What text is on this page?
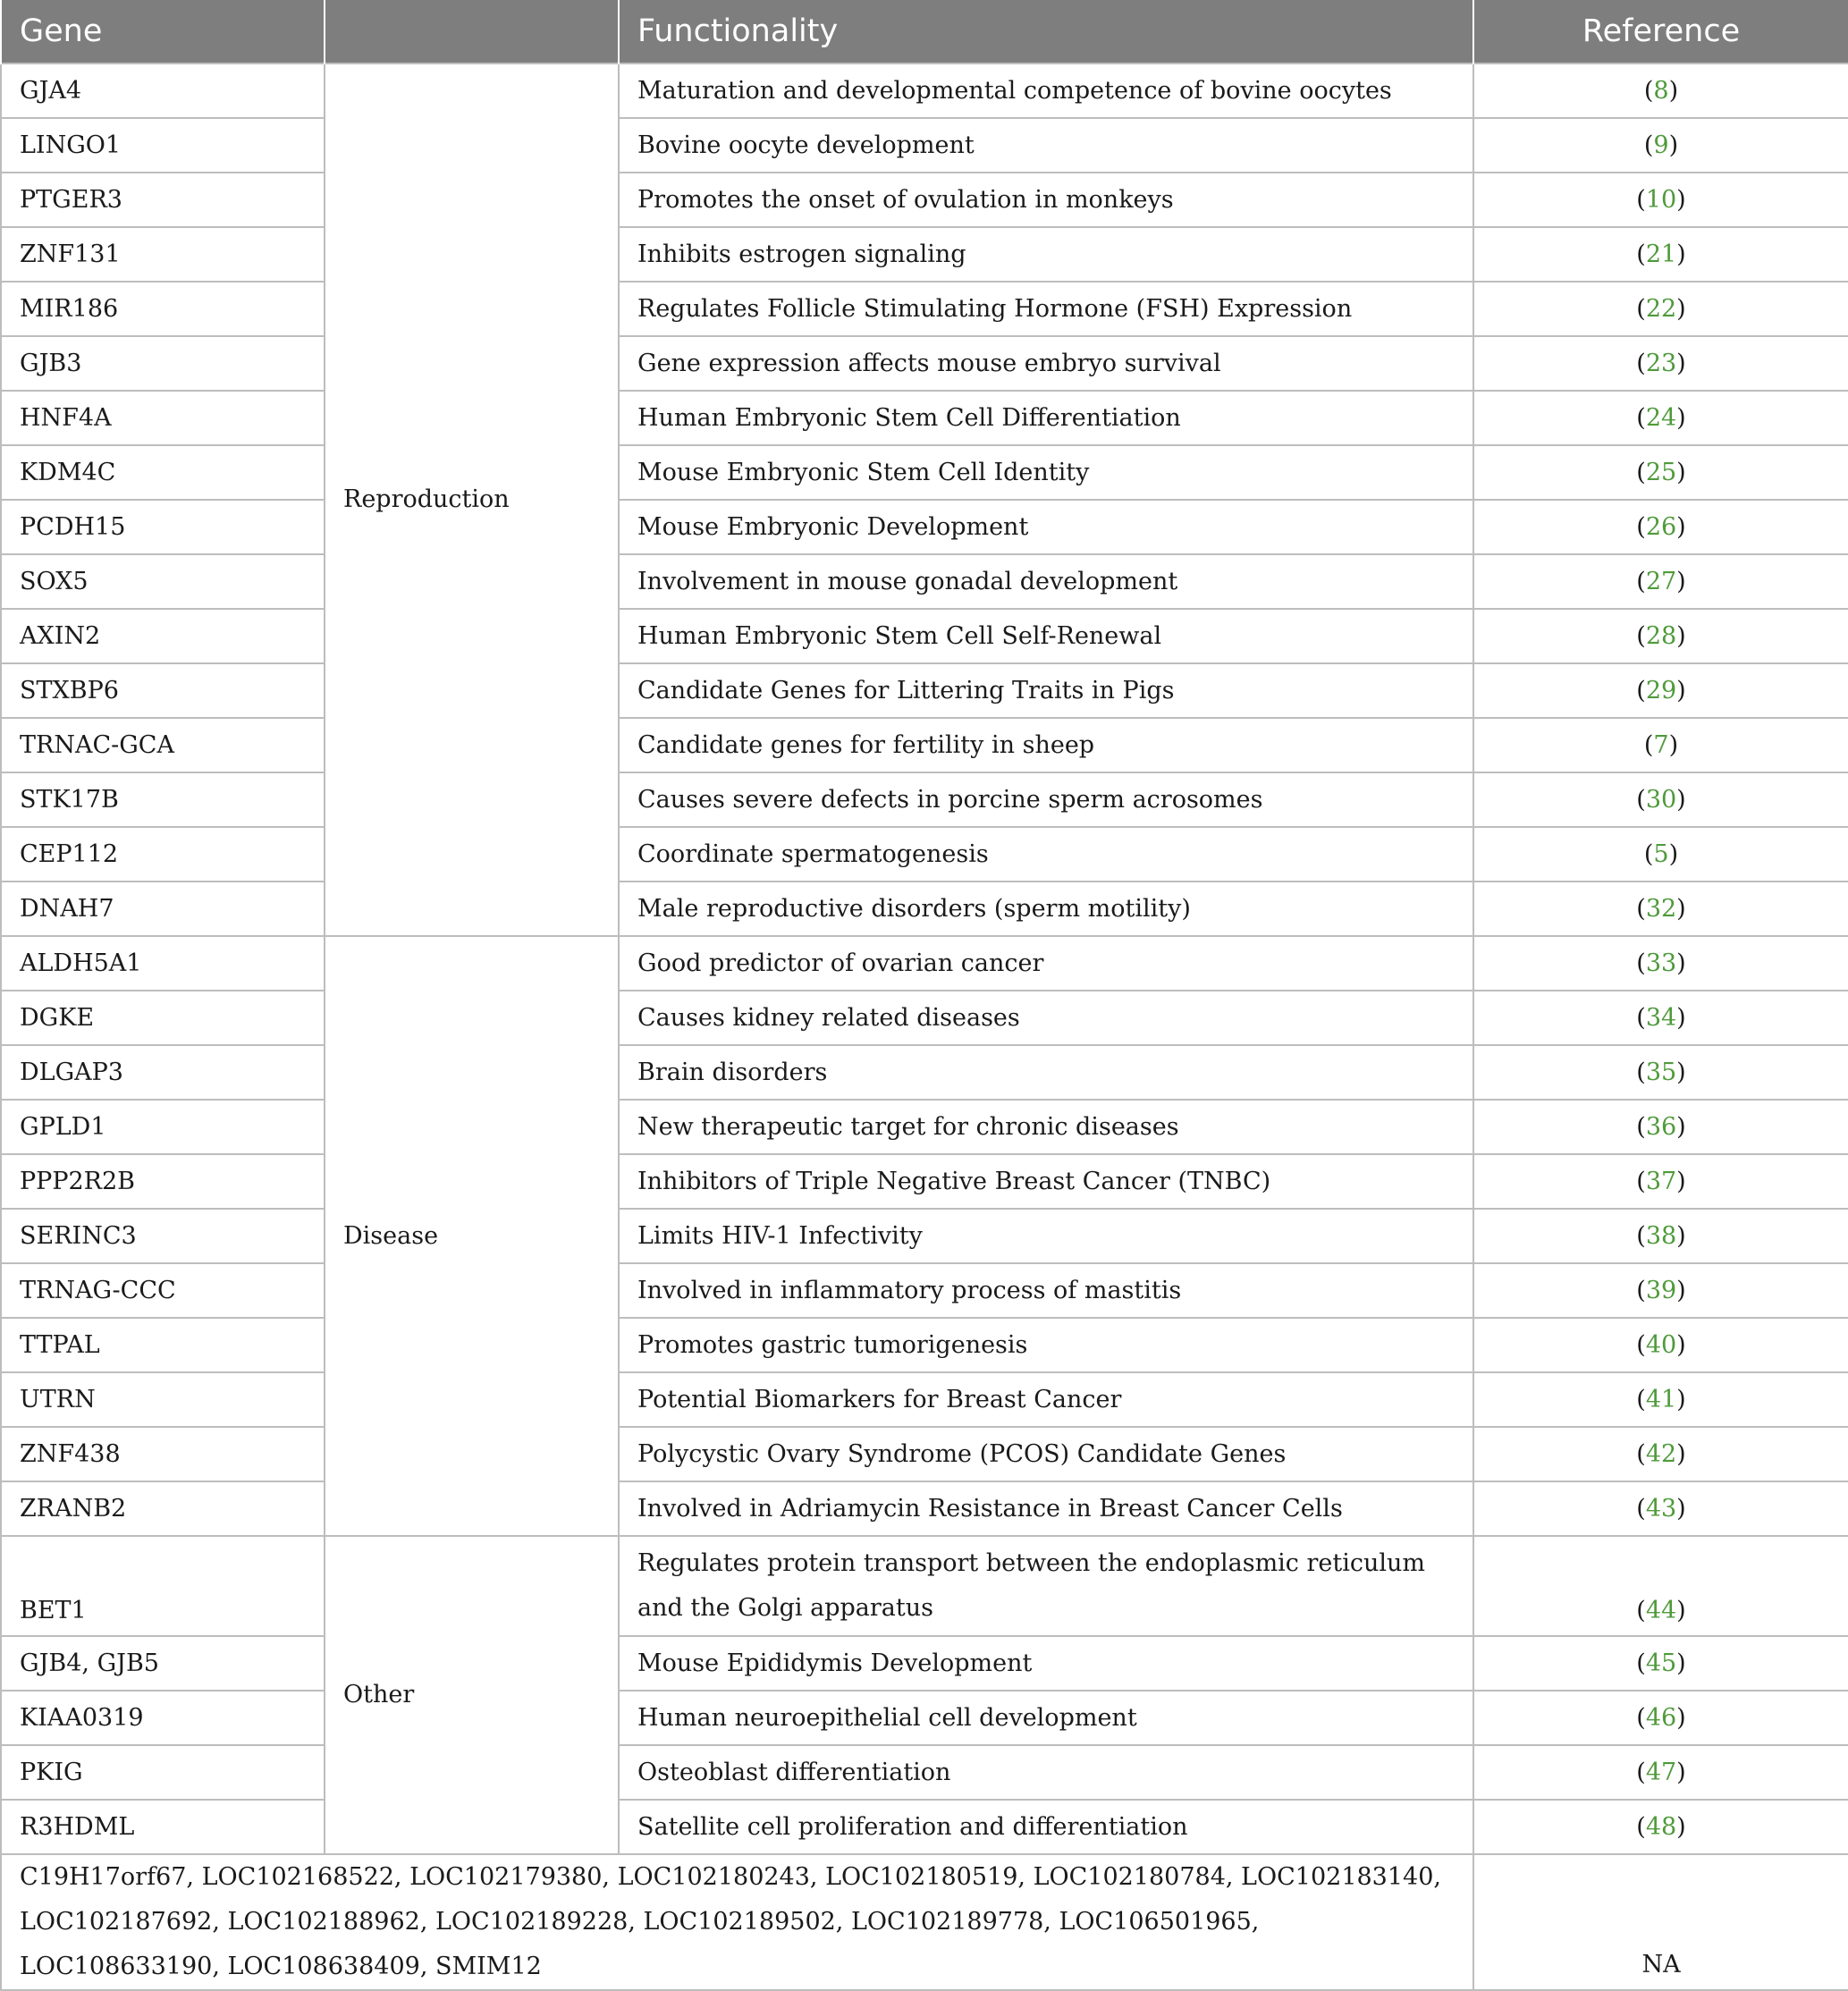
Gene		Functionality	Reference
GJA4	Reproduction	Maturation and developmental competence of bovine oocytes	(8)
LINGO1		Bovine oocyte development	(9)
PTGER3		Promotes the onset of ovulation in monkeys	(10)
ZNF131		Inhibits estrogen signaling	(21)
MIR186		Regulates Follicle Stimulating Hormone (FSH) Expression	(22)
GJB3		Gene expression affects mouse embryo survival	(23)
HNF4A		Human Embryonic Stem Cell Differentiation	(24)
KDM4C		Mouse Embryonic Stem Cell Identity	(25)
PCDH15		Mouse Embryonic Development	(26)
SOX5		Involvement in mouse gonadal development	(27)
AXIN2		Human Embryonic Stem Cell Self-Renewal	(28)
STXBP6		Candidate Genes for Littering Traits in Pigs	(29)
TRNAC-GCA		Candidate genes for fertility in sheep	(7)
STK17B		Causes severe defects in porcine sperm acrosomes	(30)
CEP112		Coordinate spermatogenesis	(5)
DNAH7		Male reproductive disorders (sperm motility)	(32)
ALDH5A1	Disease	Good predictor of ovarian cancer	(33)
DGKE		Causes kidney related diseases	(34)
DLGAP3		Brain disorders	(35)
GPLD1		New therapeutic target for chronic diseases	(36)
PPP2R2B		Inhibitors of Triple Negative Breast Cancer (TNBC)	(37)
SERINC3		Limits HIV-1 Infectivity	(38)
TRNAG-CCC		Involved in inflammatory process of mastitis	(39)
TTPAL		Promotes gastric tumorigenesis	(40)
UTRN		Potential Biomarkers for Breast Cancer	(41)
ZNF438		Polycystic Ovary Syndrome (PCOS) Candidate Genes	(42)
ZRANB2		Involved in Adriamycin Resistance in Breast Cancer Cells	(43)
BET1	Other	Regulates protein transport between the endoplasmic reticulum and the Golgi apparatus	(44)
GJB4, GJB5		Mouse Epididymis Development	(45)
KIAA0319		Human neuroepithelial cell development	(46)
PKIG		Osteoblast differentiation	(47)
R3HDML		Satellite cell proliferation and differentiation	(48)
C19H17orf67, LOC102168522, LOC102179380, LOC102180243, LOC102180519, LOC102180784, LOC102183140, LOC102187692, LOC102188962, LOC102189228, LOC102189502, LOC102189778, LOC106501965, LOC108633190, LOC108638409, SMIM12			NA
